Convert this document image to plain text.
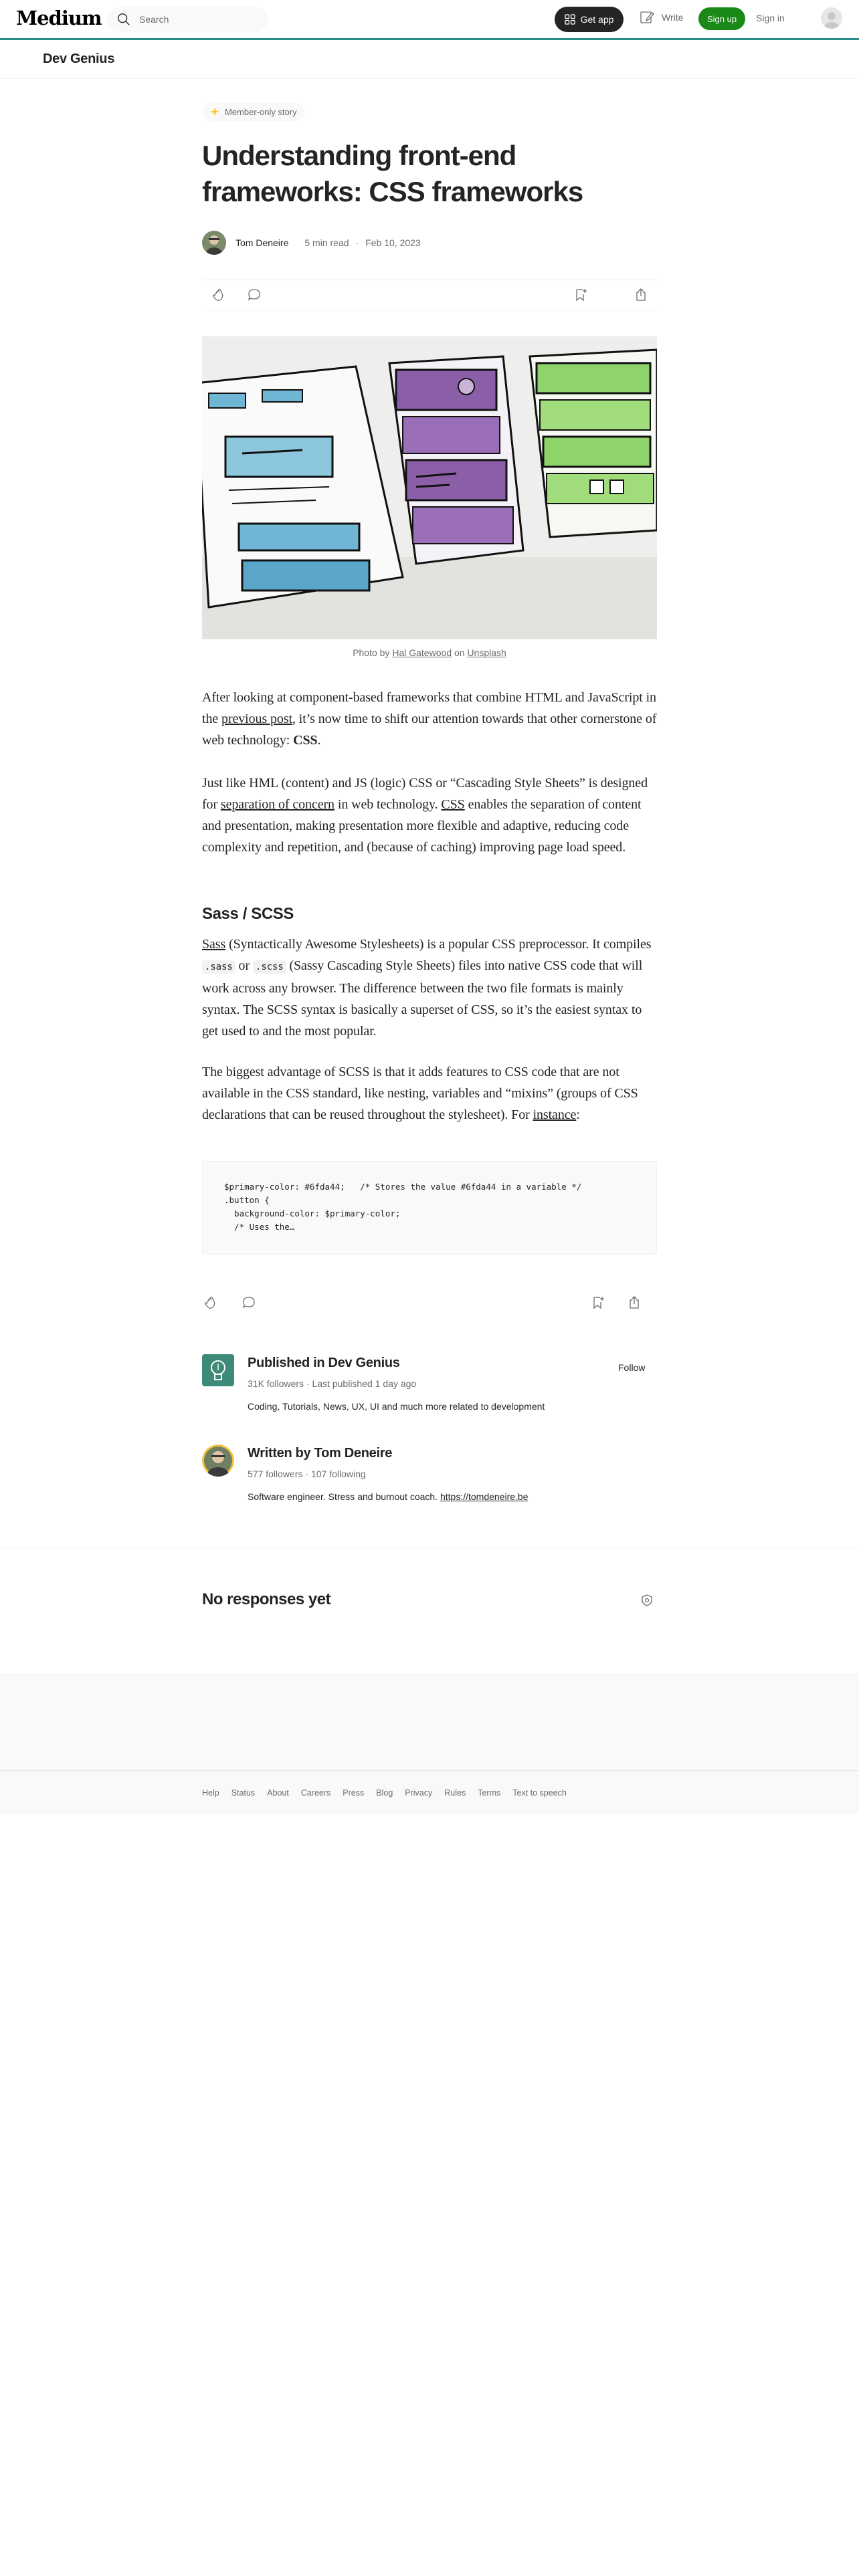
Medium	Search	Get app	Write	Sign up	Sign in
Dev Genius
Member-only story
Understanding front-end frameworks: CSS frameworks
Tom Deneire 5 min read · Feb 10, 2023
Photo by Hal Gatewood on Unsplash

After looking at component-based frameworks that combine HTML and JavaScript in the previous post, it’s now time to shift our attention towards that other cornerstone of web technology: CSS.

Just like HML (content) and JS (logic) CSS or “Cascading Style Sheets” is designed for separation of concern in web technology. CSS enables the separation of content and presentation, making presentation more flexible and adaptive, reducing code complexity and repetition, and (because of caching) improving page load speed.

Sass / SCSS

Sass (Syntactically Awesome Stylesheets) is a popular CSS preprocessor. It compiles .sass or .scss (Sassy Cascading Style Sheets) files into native CSS code that will work across any browser. The difference between the two file formats is mainly syntax. The SCSS syntax is basically a superset of CSS, so it’s the easiest syntax to get used to and the most popular.

The biggest advantage of SCSS is that it adds features to CSS code that are not available in the CSS standard, like nesting, variables and “mixins” (groups of CSS declarations that can be reused throughout the stylesheet). For instance:

$primary-color: #6fda44;   /* Stores the value #6fda44 in a variable */
.button {
background-color: $primary-color;
/* Uses the…
Published in Dev Genius
31K followers · Last published 1 day ago
Coding, Tutorials, News, UX, UI and much more related to development
Follow
Written by Tom Deneire
577 followers · 107 following
Software engineer. Stress and burnout coach. https://tomdeneire.be
No responses yet
Help Status About Careers Press Blog Privacy Rules Terms Text to speech
